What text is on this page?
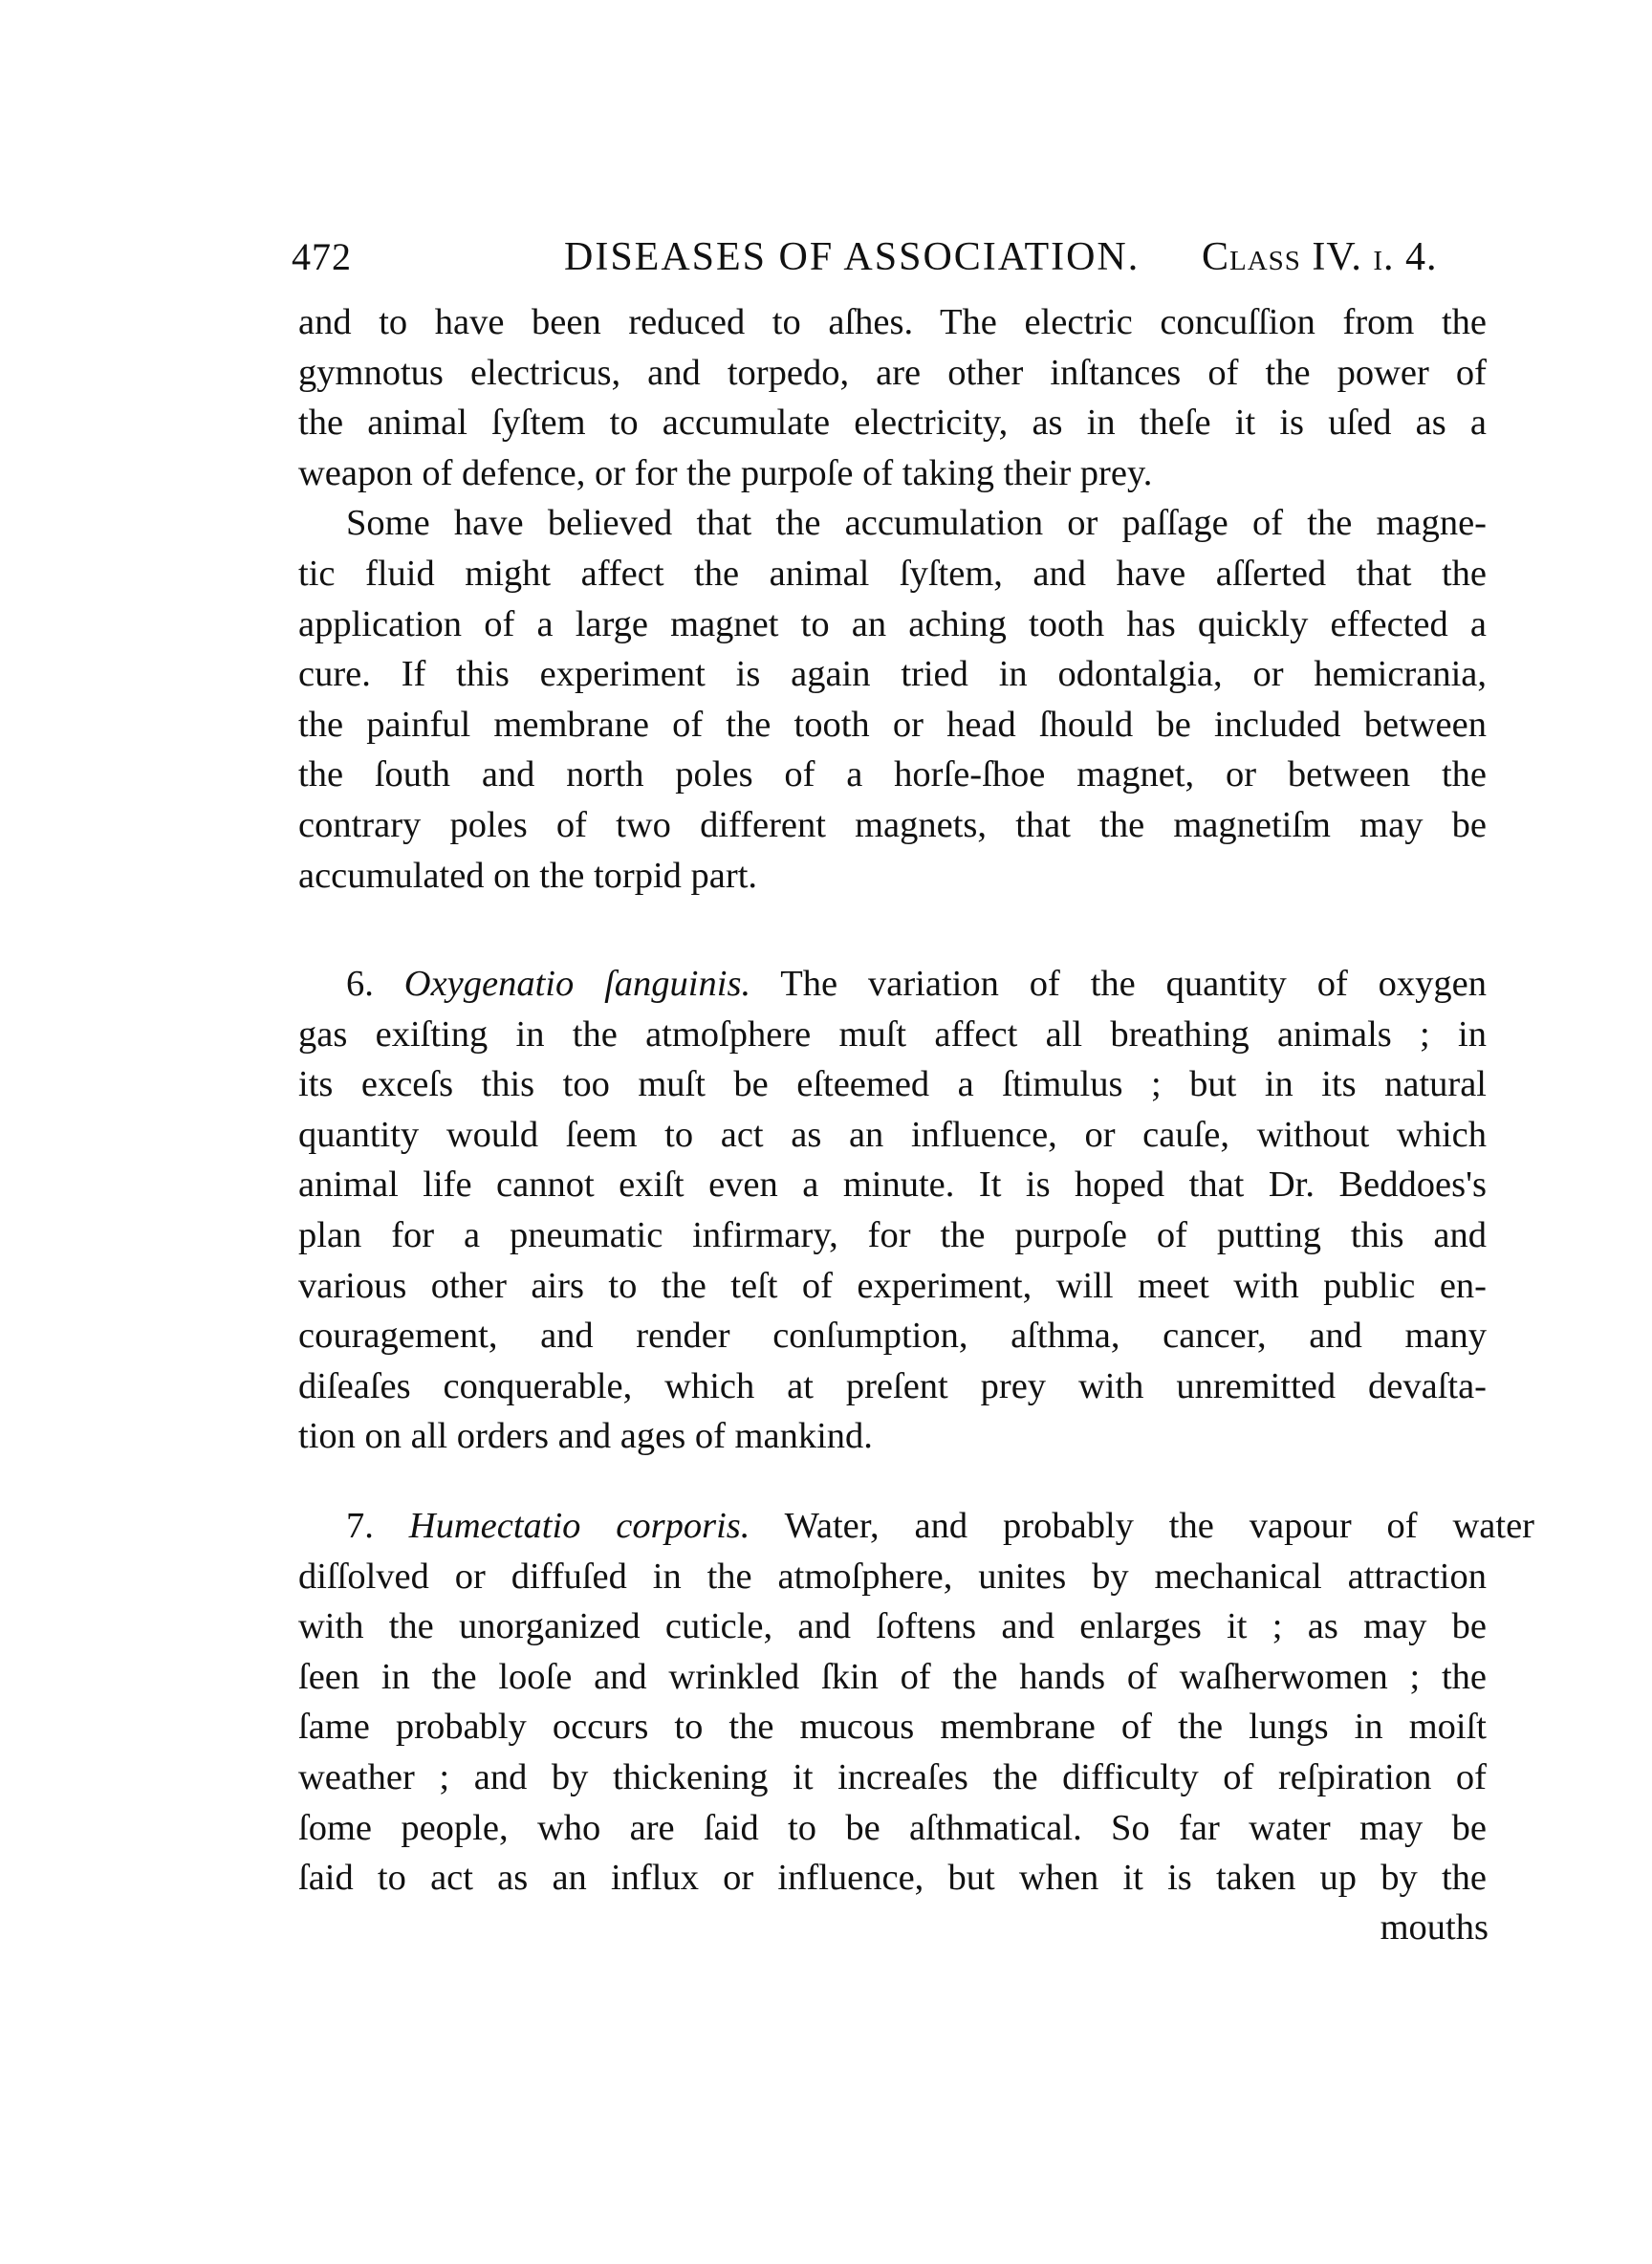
472	DISEASES OF ASSOCIATION.	Class IV. i. 4.
and to have been reduced to aſhes. The electric concuſſion from the
gymnotus electricus, and torpedo, are other inſtances of the power of
the animal ſyſtem to accumulate electricity, as in theſe it is uſed as a
weapon of defence, or for the purpoſe of taking their prey.
Some have believed that the accumulation or paſſage of the magne-
tic fluid might affect the animal ſyſtem, and have aſſerted that the
application of a large magnet to an aching tooth has quickly effected a
cure. If this experiment is again tried in odontalgia, or hemicrania,
the painful membrane of the tooth or head ſhould be included between
the ſouth and north poles of a horſe-ſhoe magnet, or between the
contrary poles of two different magnets, that the magnetiſm may be
accumulated on the torpid part.
6. Oxygenatio ſanguinis. The variation of the quantity of oxygen
gas exiſting in the atmoſphere muſt affect all breathing animals ; in
its exceſs this too muſt be eſteemed a ſtimulus ; but in its natural
quantity would ſeem to act as an influence, or cauſe, without which
animal life cannot exiſt even a minute. It is hoped that Dr. Beddoes's
plan for a pneumatic infirmary, for the purpoſe of putting this and
various other airs to the teſt of experiment, will meet with public en-
couragement, and render conſumption, aſthma, cancer, and many
diſeaſes conquerable, which at preſent prey with unremitted devaſta-
tion on all orders and ages of mankind.
7. Humectatio corporis. Water, and probably the vapour of water
diſſolved or diffuſed in the atmoſphere, unites by mechanical attraction
with the unorganized cuticle, and ſoftens and enlarges it ; as may be
ſeen in the looſe and wrinkled ſkin of the hands of waſherwomen ; the
ſame probably occurs to the mucous membrane of the lungs in moiſt
weather ; and by thickening it increaſes the difficulty of reſpiration of
ſome people, who are ſaid to be aſthmatical. So far water may be
ſaid to act as an influx or influence, but when it is taken up by the
mouths
